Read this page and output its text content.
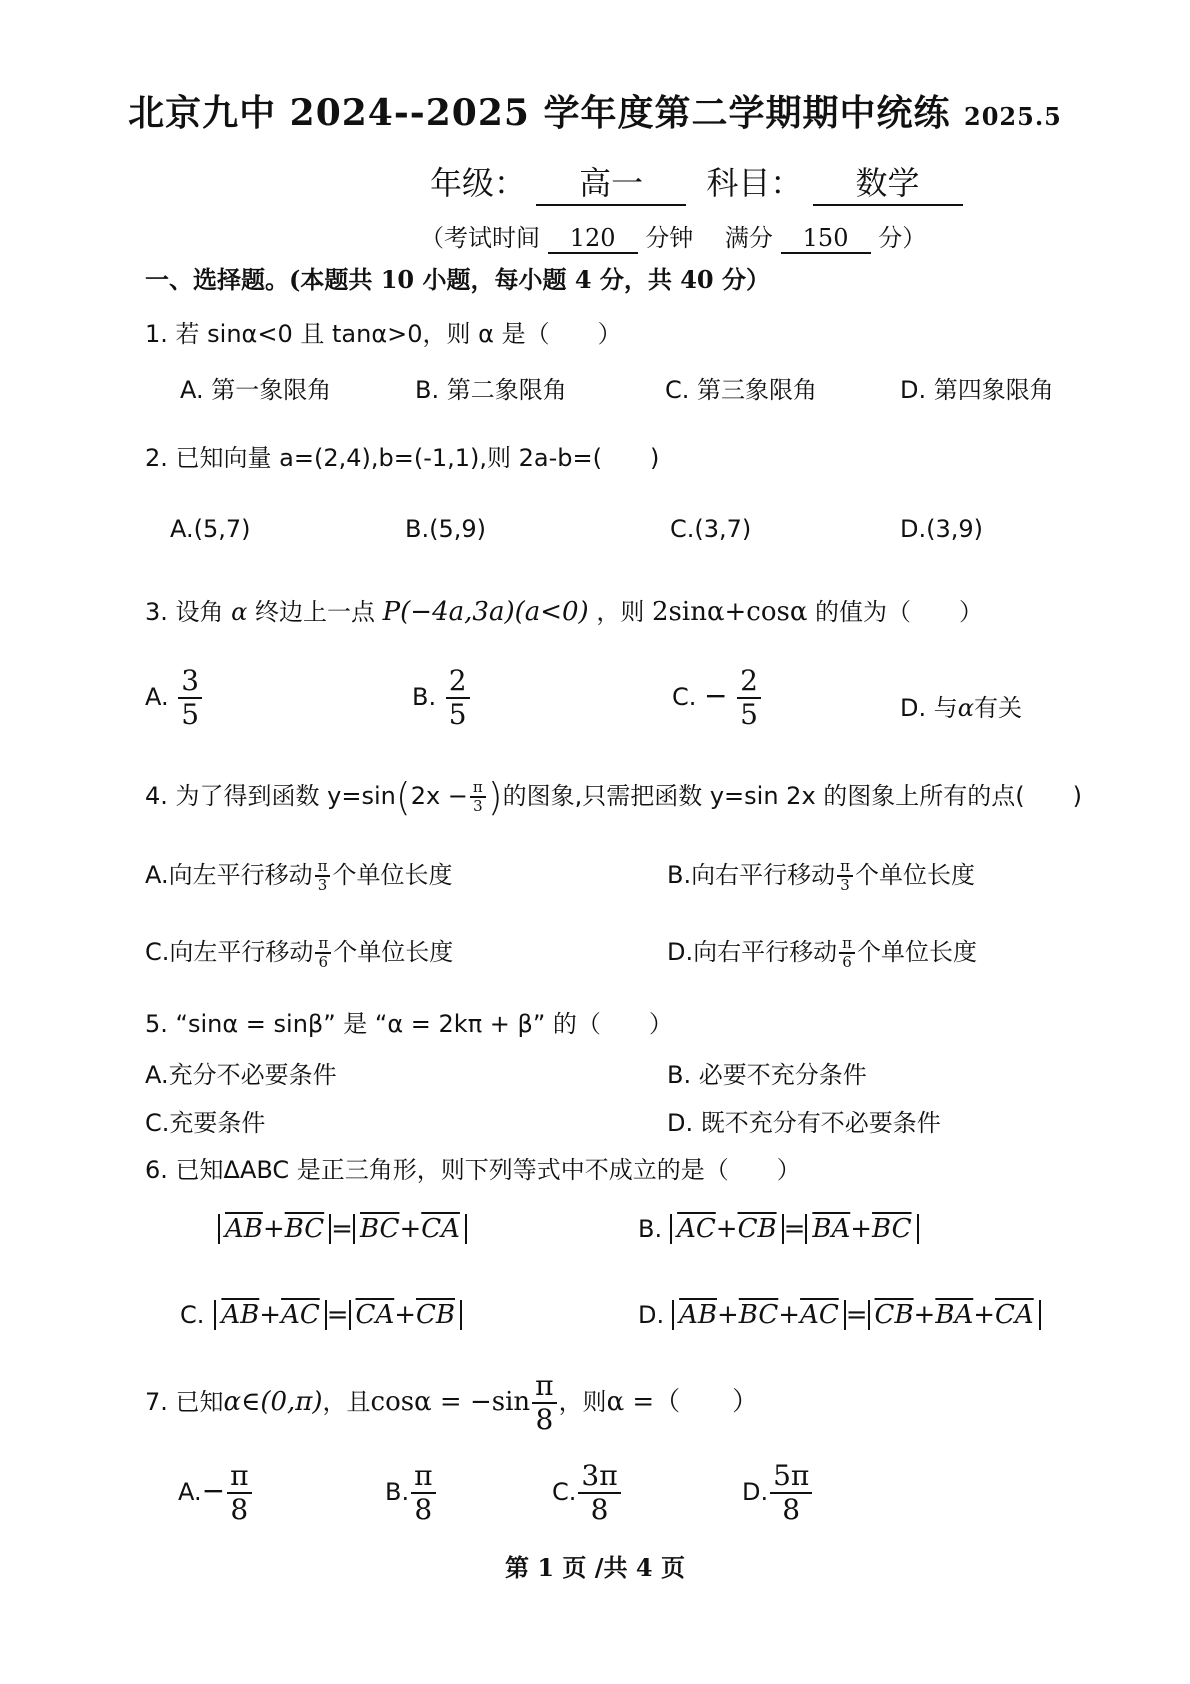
北京九中 2024--2025 学年度第二学期期中统练 2025.5
年级： 高一 科目： 数学
（考试时间 120 分钟 满分 150 分）
一、选择题。(本题共 10 小题，每小题 4 分，共 40 分）
1. 若 sinα<0 且 tanα>0，则 α 是（　　）
A. 第一象限角	B. 第二象限角	C. 第三象限角	D. 第四象限角
2. 已知向量 a=(2,4),b=(-1,1),则 2a-b=(　　)
A.(5,7)	B.(5,9)	C.(3,7)	D.(3,9)
3. 设角 α 终边上一点 P(−4a,3a)(a<0) ，则 2sinα+cosα 的值为（　　）
A. $\frac{3}{5}$	B. $\frac{2}{5}$	C. − $\frac{2}{5}$	D. 与α有关
4. 为了得到函数 $y=\sin(2x - \frac{\pi}{3}$ )的图象,只需把函数 y=sin 2x 的图象上所有的点(　　)
A.向左平行移动 $\frac{\pi}{3}$ 个单位长度	B.向右平行移动 $\frac{\pi}{3}$ 个单位长度
C.向左平行移动 $\frac{\pi}{6}$ 个单位长度	D.向右平行移动 $\frac{\pi}{6}$ 个单位长度
5. “sinα = sinβ” 是 “α = 2kπ + β” 的（　　）
A.充分不必要条件	B. 必要不充分条件
C.充要条件	D. 既不充分有不必要条件
6. 已知ΔABC 是正三角形，则下列等式中不成立的是（　　）
$\overline{AB}+\overline{BC} = \overline{BC}+\overline{CA}$	B. $\overline{AC}+\overline{CB} = \overline{BA}+\overline{BC}$
C. $\overline{AB}+\overline{AC} = \overline{CA}+\overline{CB}$	D. $\overline{AB}+\overline{BC}+\overline{AC} = \overline{CB}+\overline{BA}+\overline{CA}$
7. 已知α∈(0,π)，且$\cos\alpha = -\sin \frac{\pi}{8}$ ，则α =（　　）
$A.- \frac{\pi}{8}$	B. $\frac{\pi}{8}$	C. $\frac{3\pi}{8}$	D. $\frac{5\pi}{8}$
第 1 页 /共 4 页
